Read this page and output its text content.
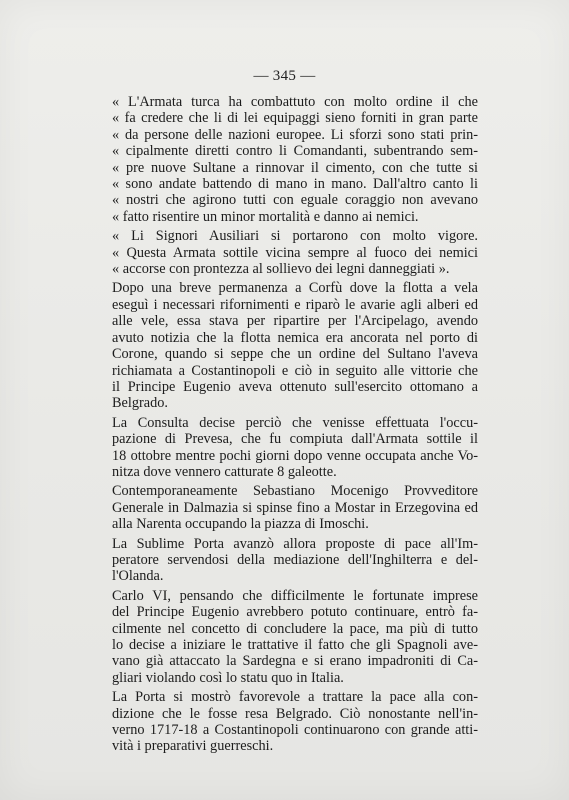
— 345 —
« L'Armata turca ha combattuto con molto ordine il che
« fa credere che li di lei equipaggi sieno forniti in gran parte
« da persone delle nazioni europee. Li sforzi sono stati prin-
« cipalmente diretti contro li Comandanti, subentrando sem-
« pre nuove Sultane a rinnovar il cimento, con che tutte si
« sono andate battendo di mano in mano. Dall'altro canto li
« nostri che agirono tutti con eguale coraggio non avevano
« fatto risentire un minor mortalità e danno ai nemici.
« Li Signori Ausiliari si portarono con molto vigore.
« Questa Armata sottile vicina sempre al fuoco dei nemici
« accorse con prontezza al sollievo dei legni danneggiati ».
Dopo una breve permanenza a Corfù dove la flotta a vela
eseguì i necessari rifornimenti e riparò le avarie agli alberi ed
alle vele, essa stava per ripartire per l'Arcipelago, avendo
avuto notizia che la flotta nemica era ancorata nel porto di
Corone, quando si seppe che un ordine del Sultano l'aveva
richiamata a Costantinopoli e ciò in seguito alle vittorie che
il Principe Eugenio aveva ottenuto sull'esercito ottomano a
Belgrado.
La Consulta decise perciò che venisse effettuata l'occu-
pazione di Prevesa, che fu compiuta dall'Armata sottile il
18 ottobre mentre pochi giorni dopo venne occupata anche Vo-
nitza dove vennero catturate 8 galeotte.
Contemporaneamente Sebastiano Mocenigo Provveditore
Generale in Dalmazia si spinse fino a Mostar in Erzegovina ed
alla Narenta occupando la piazza di Imoschi.
La Sublime Porta avanzò allora proposte di pace all'Im-
peratore servendosi della mediazione dell'Inghilterra e del-
l'Olanda.
Carlo VI, pensando che difficilmente le fortunate imprese
del Principe Eugenio avrebbero potuto continuare, entrò fa-
cilmente nel concetto di concludere la pace, ma più di tutto
lo decise a iniziare le trattative il fatto che gli Spagnoli ave-
vano già attaccato la Sardegna e si erano impadroniti di Ca-
gliari violando così lo statu quo in Italia.
La Porta si mostrò favorevole a trattare la pace alla con-
dizione che le fosse resa Belgrado. Ciò nonostante nell'in-
verno 1717-18 a Costantinopoli continuarono con grande atti-
vità i preparativi guerreschi.
